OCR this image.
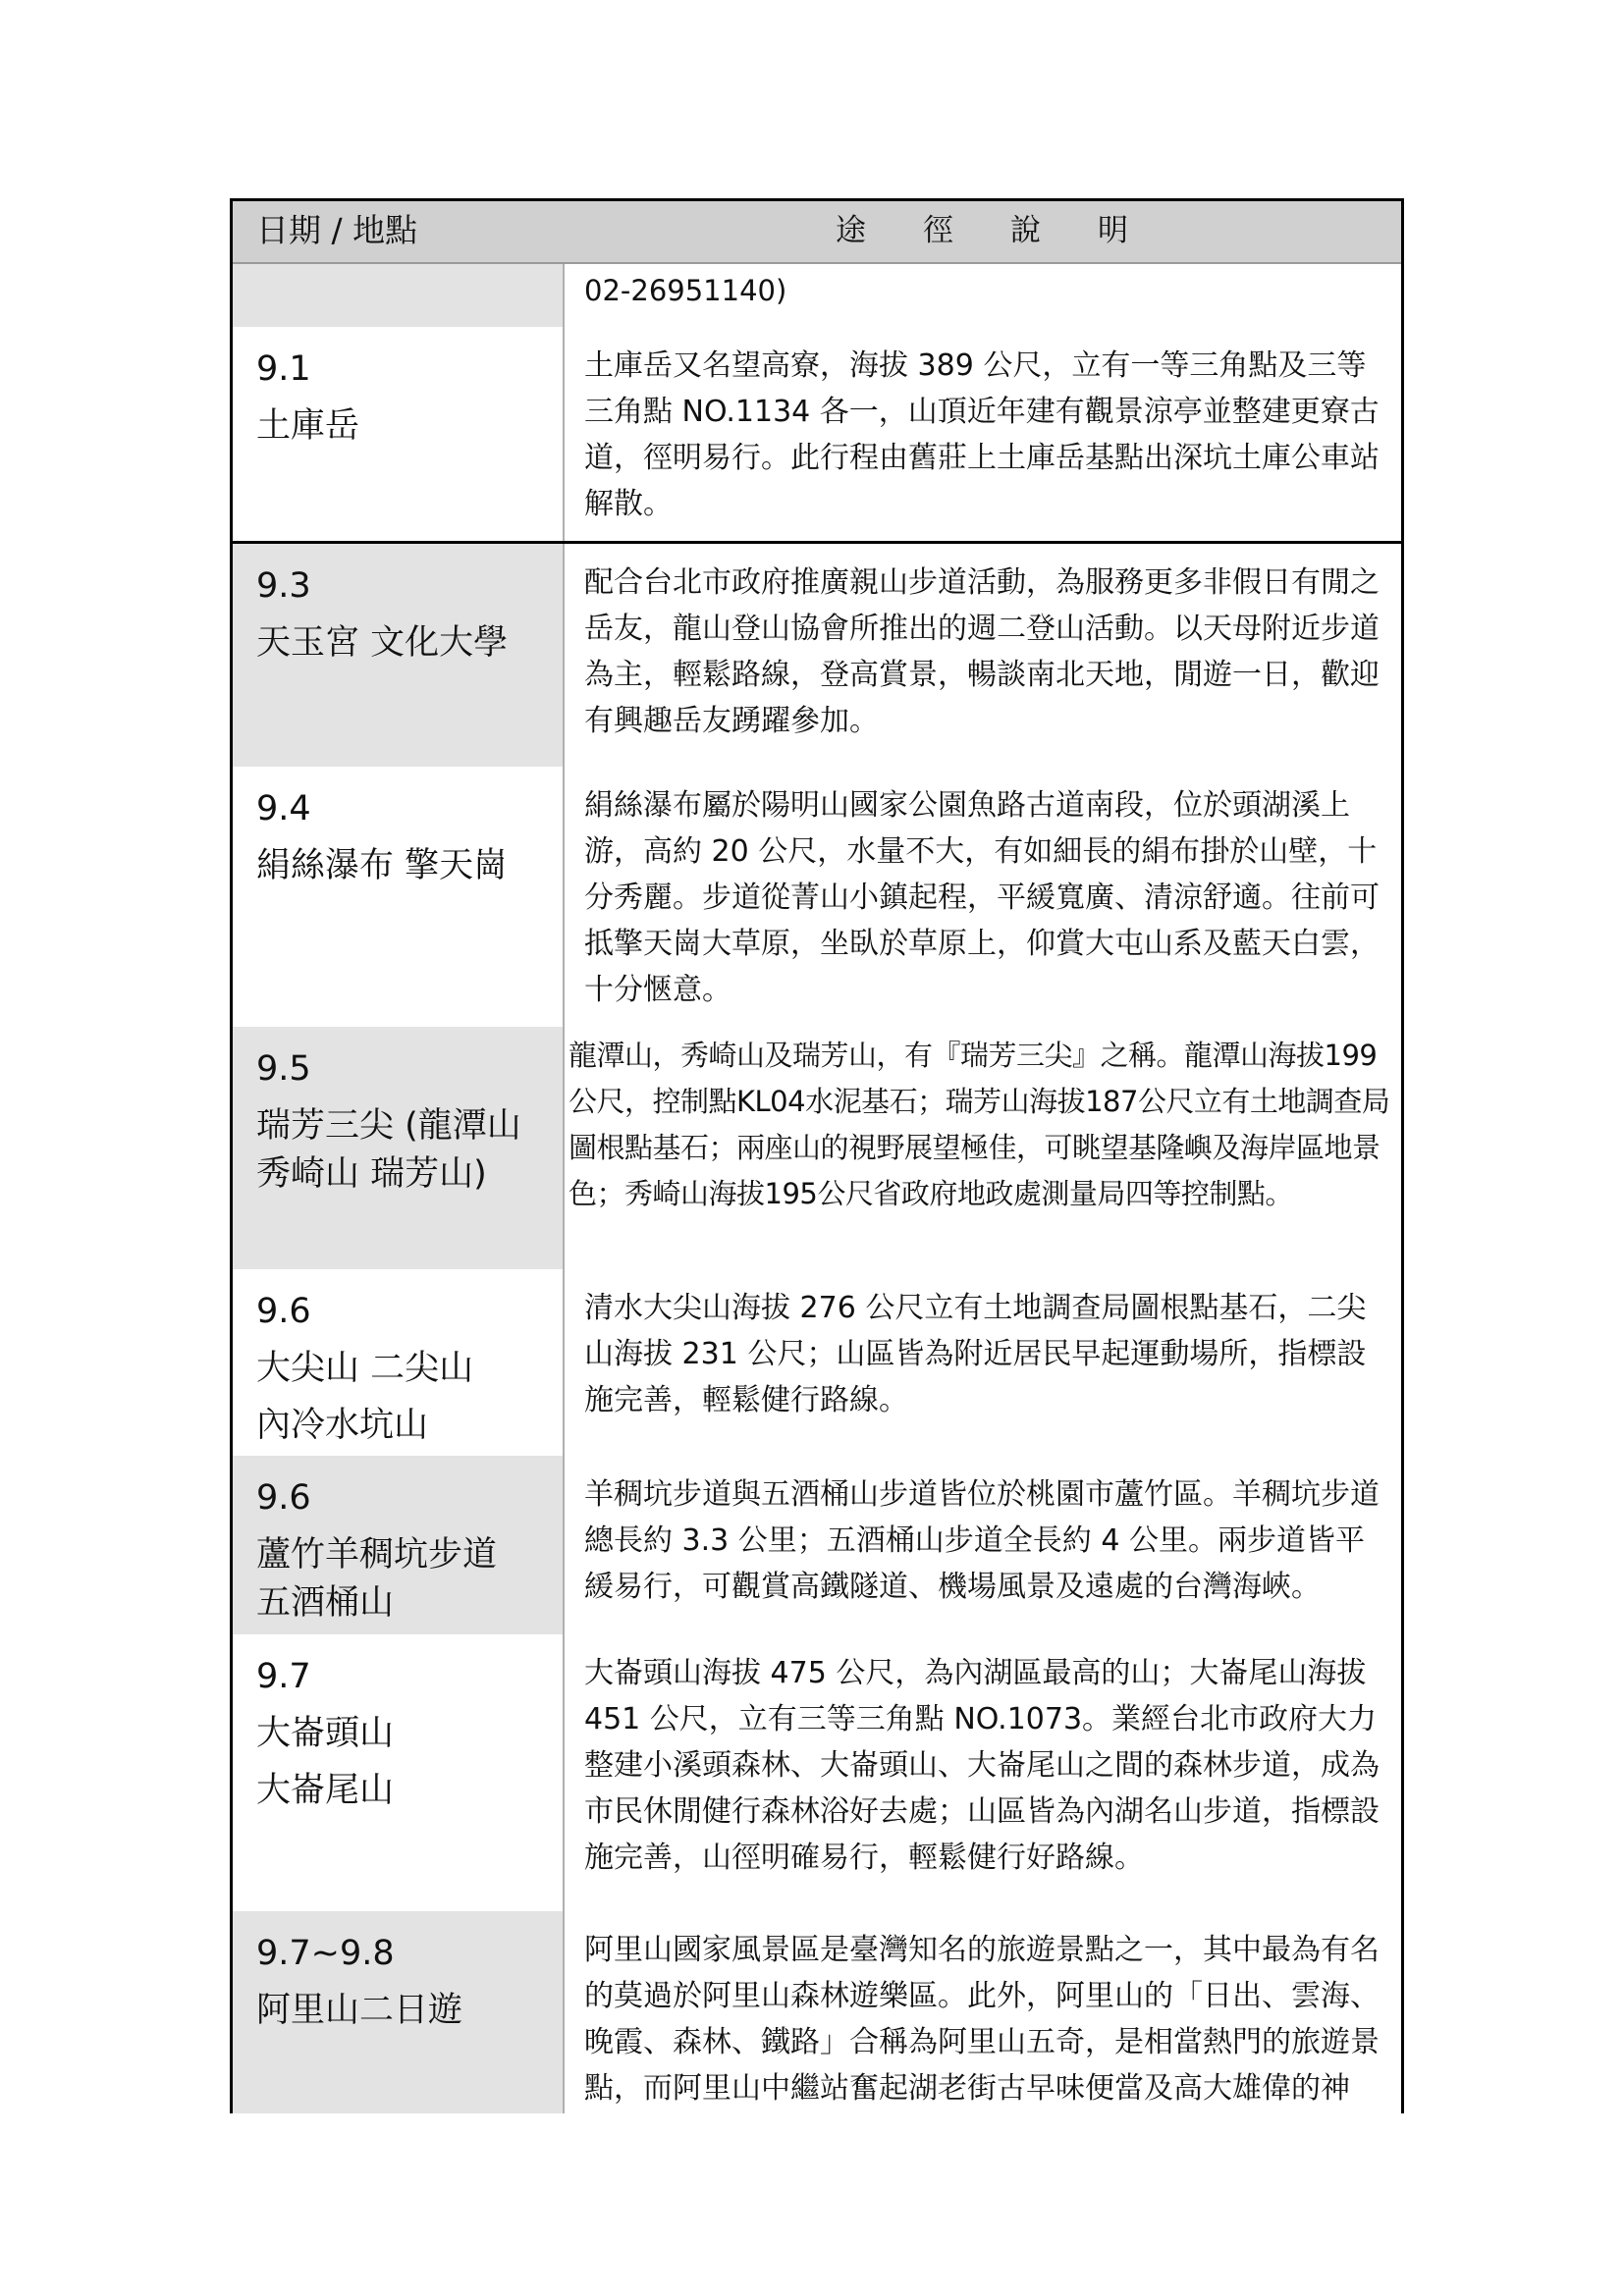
日期 / 地點	途徑說明
02-26951140)
9.1
土庫岳
土庫岳又名望高寮，海拔 389 公尺，立有一等三角點及三等三角點 NO.1134 各一，山頂近年建有觀景涼亭並整建更寮古道，徑明易行。此行程由舊莊上土庫岳基點出深坑土庫公車站解散。
9.3
天玉宮 文化大學
配合台北市政府推廣親山步道活動，為服務更多非假日有閒之岳友，龍山登山協會所推出的週二登山活動。以天母附近步道為主，輕鬆路線，登高賞景，暢談南北天地，閒遊一日，歡迎有興趣岳友踴躍參加。
9.4
絹絲瀑布 擎天崗
絹絲瀑布屬於陽明山國家公園魚路古道南段，位於頭湖溪上游，高約 20 公尺，水量不大，有如細長的絹布掛於山壁，十分秀麗。步道從菁山小鎮起程，平緩寬廣、清涼舒適。往前可抵擎天崗大草原，坐臥於草原上，仰賞大屯山系及藍天白雲，十分愜意。
9.5
瑞芳三尖 (龍潭山
秀崎山 瑞芳山)
龍潭山，秀崎山及瑞芳山，有『瑞芳三尖』之稱。龍潭山海拔199公尺，控制點KL04水泥基石；瑞芳山海拔187公尺立有土地調查局圖根點基石；兩座山的視野展望極佳，可眺望基隆嶼及海岸區地景色；秀崎山海拔195公尺省政府地政處測量局四等控制點。
9.6
大尖山 二尖山
內冷水坑山
清水大尖山海拔 276 公尺立有土地調查局圖根點基石，二尖山海拔 231 公尺；山區皆為附近居民早起運動場所，指標設施完善，輕鬆健行路線。
9.6
蘆竹羊稠坑步道
五酒桶山
羊稠坑步道與五酒桶山步道皆位於桃園市蘆竹區。羊稠坑步道總長約 3.3 公里；五酒桶山步道全長約 4 公里。兩步道皆平緩易行，可觀賞高鐵隧道、機場風景及遠處的台灣海峽。
9.7
大崙頭山
大崙尾山
大崙頭山海拔 475 公尺，為內湖區最高的山；大崙尾山海拔 451 公尺，立有三等三角點 NO.1073。業經台北市政府大力整建小溪頭森林、大崙頭山、大崙尾山之間的森林步道，成為市民休閒健行森林浴好去處；山區皆為內湖名山步道，指標設施完善，山徑明確易行，輕鬆健行好路線。
9.7~9.8
阿里山二日遊
阿里山國家風景區是臺灣知名的旅遊景點之一，其中最為有名的莫過於阿里山森林遊樂區。此外，阿里山的「日出、雲海、晚霞、森林、鐵路」合稱為阿里山五奇，是相當熱門的旅遊景點，而阿里山中繼站奮起湖老街古早味便當及高大雄偉的神
